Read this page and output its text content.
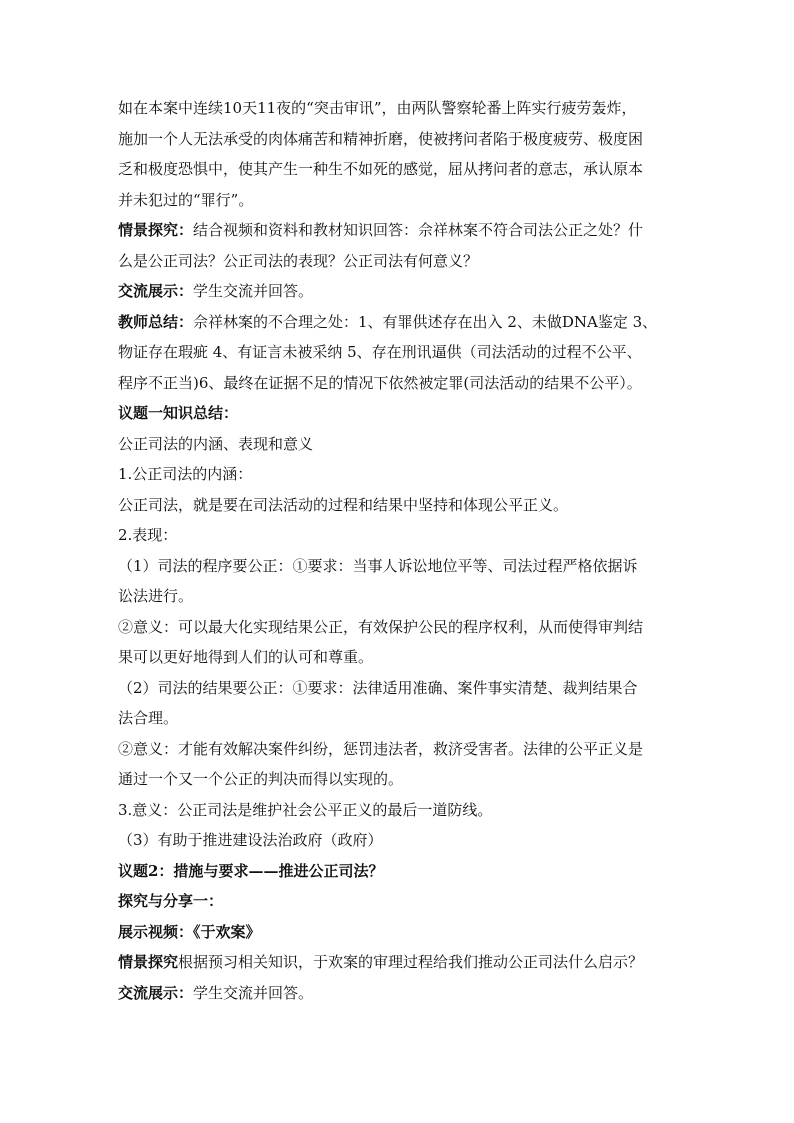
如在本案中连续10天11夜的“突击审讯”，由两队警察轮番上阵实行疲劳轰炸，
施加一个人无法承受的肉体痛苦和精神折磨，使被拷问者陷于极度疲劳、极度困
乏和极度恐惧中，使其产生一种生不如死的感觉，屈从拷问者的意志，承认原本
并未犯过的“罪行”。
情景探究：结合视频和资料和教材知识回答：佘祥林案不符合司法公正之处？什
么是公正司法？公正司法的表现？公正司法有何意义？
交流展示：学生交流并回答。
教师总结：佘祥林案的不合理之处：1、有罪供述存在出入 2、未做DNA鉴定 3、
物证存在瑕疵 4、有证言未被采纳 5、存在刑讯逼供（司法活动的过程不公平、
程序不正当)6、最终在证据不足的情况下依然被定罪(司法活动的结果不公平）。
议题一知识总结：
公正司法的内涵、表现和意义
1.公正司法的内涵：
公正司法，就是要在司法活动的过程和结果中坚持和体现公平正义。
2.表现：
（1）司法的程序要公正：①要求：当事人诉讼地位平等、司法过程严格依据诉
讼法进行。
②意义：可以最大化实现结果公正，有效保护公民的程序权利，从而使得审判结
果可以更好地得到人们的认可和尊重。
（2）司法的结果要公正：①要求：法律适用准确、案件事实清楚、裁判结果合
法合理。
②意义：才能有效解决案件纠纷，惩罚违法者，救济受害者。法律的公平正义是
通过一个又一个公正的判决而得以实现的。
3.意义：公正司法是维护社会公平正义的最后一道防线。
（3）有助于推进建设法治政府（政府）
议题2：措施与要求——推进公正司法？
探究与分享一：
展示视频：《于欢案》
情景探究根据预习相关知识，于欢案的审理过程给我们推动公正司法什么启示？
交流展示：学生交流并回答。
